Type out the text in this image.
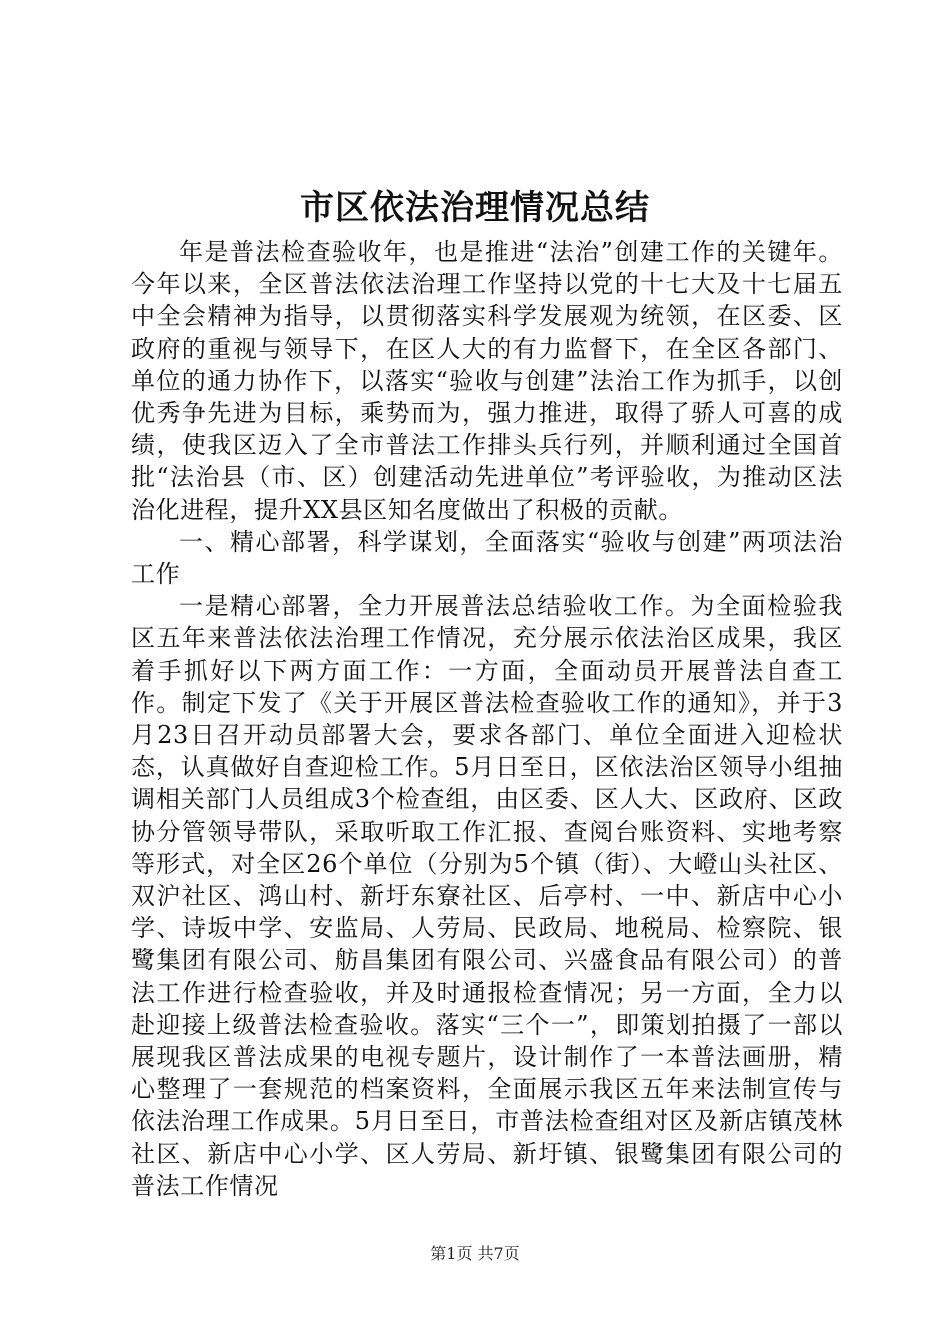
市区依法治理情况总结

年是普法检查验收年，也是推进“法治”创建工作的关键年。今年以来，全区普法依法治理工作坚持以党的十七大及十七届五中全会精神为指导，以贯彻落实科学发展观为统领，在区委、区政府的重视与领导下，在区人大的有力监督下，在全区各部门、单位的通力协作下，以落实“验收与创建”法治工作为抓手，以创优秀争先进为目标，乘势而为，强力推进，取得了骄人可喜的成绩，使我区迈入了全市普法工作排头兵行列，并顺利通过全国首批“法治县（市、区）创建活动先进单位”考评验收，为推动区法治化进程，提升XX县区知名度做出了积极的贡献。

一、精心部署，科学谋划，全面落实“验收与创建”两项法治工作

一是精心部署，全力开展普法总结验收工作。为全面检验我区五年来普法依法治理工作情况，充分展示依法治区成果，我区着手抓好以下两方面工作：一方面，全面动员开展普法自查工作。制定下发了《关于开展区普法检查验收工作的通知》，并于3月23日召开动员部署大会，要求各部门、单位全面进入迎检状态，认真做好自查迎检工作。5月日至日，区依法治区领导小组抽调相关部门人员组成3个检查组，由区委、区人大、区政府、区政协分管领导带队，采取听取工作汇报、查阅台账资料、实地考察等形式，对全区26个单位（分别为5个镇（街）、大嶝山头社区、双沪社区、鸿山村、新圩东寮社区、后亭村、一中、新店中心小学、诗坂中学、安监局、人劳局、民政局、地税局、检察院、银鹭集团有限公司、舫昌集团有限公司、兴盛食品有限公司）的普法工作进行检查验收，并及时通报检查情况；另一方面，全力以赴迎接上级普法检查验收。落实“三个一”，即策划拍摄了一部以展现我区普法成果的电视专题片，设计制作了一本普法画册，精心整理了一套规范的档案资料，全面展示我区五年来法制宣传与依法治理工作成果。5月日至日，市普法检查组对区及新店镇茂林社区、新店中心小学、区人劳局、新圩镇、银鹭集团有限公司的普法工作情况

第1页 共7页
